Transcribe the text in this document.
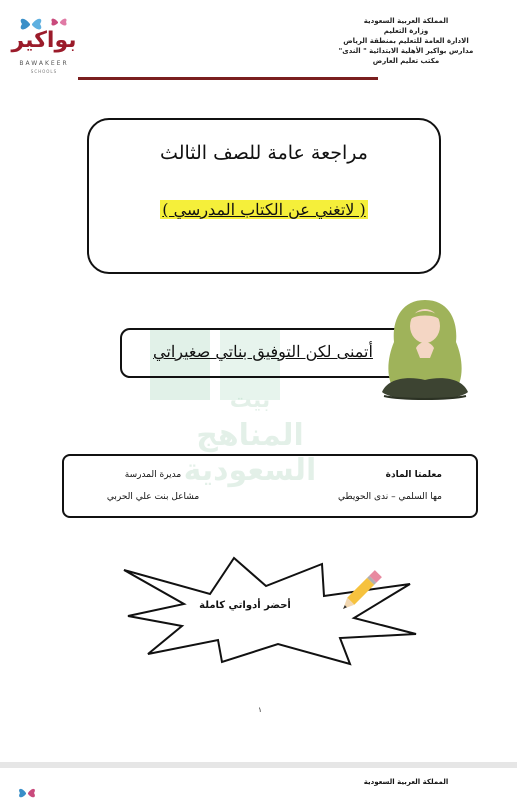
المملكة العربية السعودية
وزارة التعليم
الادارة العامة للتعليم بمنطقة الرياض
مدارس بواكير الأهلية الابتدائية " الندى"
مكتب تعليم العارض
بواكير
BAWAKEER
SCHOOLS
مراجعة عامة للصف الثالث
( لاتغني عن الكتاب المدرسي )
بيت
المناهج السعودية
أتمنى لكن التوفيق بناتي صغيراتي
معلمتا المادة
مها السلمي – ندى الحويطي
مديرة المدرسة
مشاعل بنت علي الحربي
أحضر أدواتي كاملة
١
المملكة العربية السعودية
